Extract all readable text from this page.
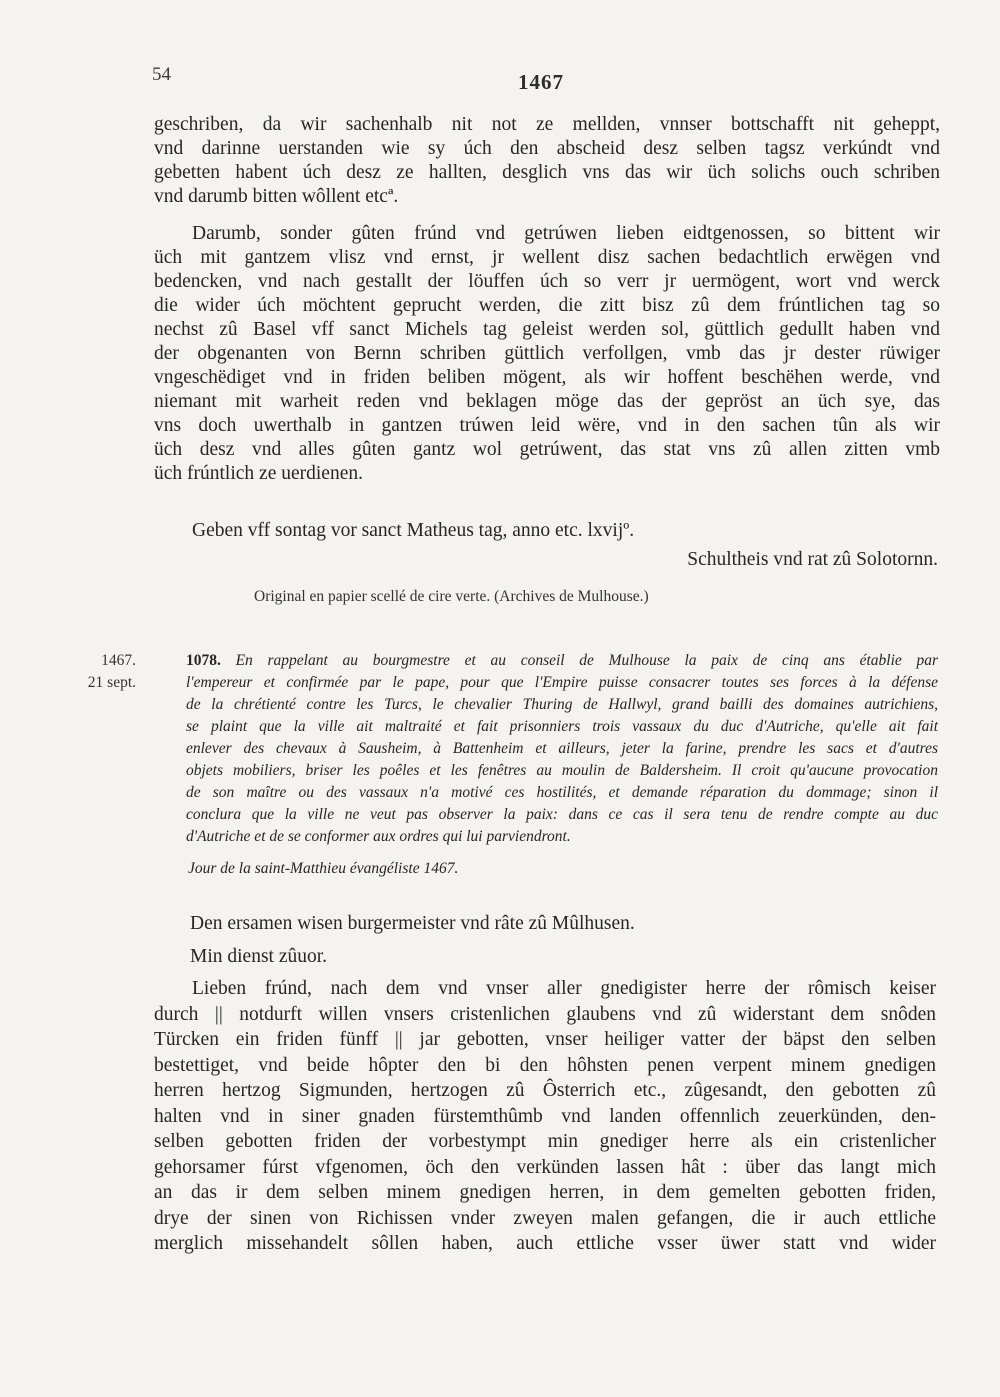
54	1467
geschriben, da wir sachenhalb nit not ze mellden, vnnser bottschafft nit geheppt,
vnd darinne uerstanden wie sy úch den abscheid desz selben tagsz verkúndt vnd
gebetten habent úch desz ze hallten, desglich vns das wir üch solichs ouch schriben
vnd darumb bitten wôllent etcª.
Darumb, sonder gûten frúnd vnd getrúwen lieben eidtgenossen, so bittent wir
üch mit gantzem vlisz vnd ernst, jr wellent disz sachen bedachtlich erwëgen vnd
bedencken, vnd nach gestallt der löuffen úch so verr jr uermögent, wort vnd werck
die wider úch möchtent geprucht werden, die zitt bisz zû dem frúntlichen tag so
nechst zû Basel vff sanct Michels tag geleist werden sol, güttlich gedullt haben vnd
der obgenanten von Bernn schriben güttlich verfollgen, vmb das jr dester rüwiger
vngeschëdiget vnd in friden beliben mögent, als wir hoffent beschëhen werde, vnd
niemant mit warheit reden vnd beklagen möge das der gepröst an üch sye, das
vns doch uwerthalb in gantzen trúwen leid wëre, vnd in den sachen tûn als wir
üch desz vnd alles gûten gantz wol getrúwent, das stat vns zû allen zitten vmb
üch frúntlich ze uerdienen.
Geben vff sontag vor sanct Matheus tag, anno etc. lxvijº.
Schultheis vnd rat zû Solotornn.
Original en papier scellé de cire verte. (Archives de Mulhouse.)
1467.
21 sept.
1078. En rappelant au bourgmestre et au conseil de Mulhouse la paix de cinq ans établie par
l'empereur et confirmée par le pape, pour que l'Empire puisse consacrer toutes ses forces à la défense
de la chrétienté contre les Turcs, le chevalier Thuring de Hallwyl, grand bailli des domaines autrichiens,
se plaint que la ville ait maltraité et fait prisonniers trois vassaux du duc d'Autriche, qu'elle ait fait
enlever des chevaux à Sausheim, à Battenheim et ailleurs, jeter la farine, prendre les sacs et d'autres
objets mobiliers, briser les poêles et les fenêtres au moulin de Baldersheim. Il croit qu'aucune provocation
de son maître ou des vassaux n'a motivé ces hostilités, et demande réparation du dommage; sinon il
conclura que la ville ne veut pas observer la paix: dans ce cas il sera tenu de rendre compte au duc
d'Autriche et de se conformer aux ordres qui lui parviendront.
Jour de la saint-Matthieu évangéliste 1467.
Den ersamen wisen burgermeister vnd râte zû Mûlhusen.
Min dienst zûuor.
Lieben frúnd, nach dem vnd vnser aller gnedigister herre der rômisch keiser
durch || notdurft willen vnsers cristenlichen glaubens vnd zû widerstant dem snôden
Türcken ein friden fünff || jar gebotten, vnser heiliger vatter der bäpst den selben
bestettiget, vnd beide hôpter den bi den hôhsten penen verpent minem gnedigen
herren hertzog Sigmunden, hertzogen zû Ôsterrich etc., zûgesandt, den gebotten zû
halten vnd in siner gnaden fürstemthûmb vnd landen offennlich zeuerkünden, den-
selben gebotten friden der vorbestympt min gnediger herre als ein cristenlicher
gehorsamer fúrst vfgenomen, öch den verkünden lassen hât : über das langt mich
an das ir dem selben minem gnedigen herren, in dem gemelten gebotten friden,
drye der sinen von Richissen vnder zweyen malen gefangen, die ir auch ettliche
merglich missehandelt sôllen haben, auch ettliche vsser üwer statt vnd wider
